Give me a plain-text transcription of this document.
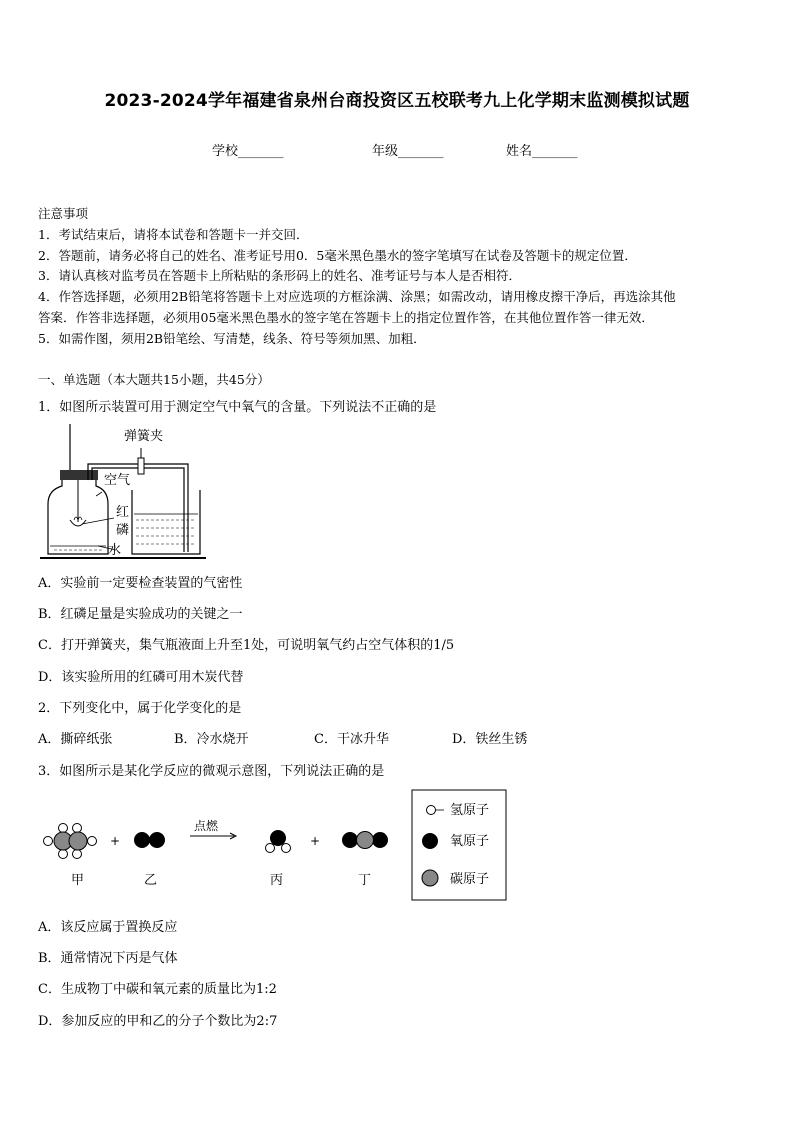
2023-2024学年福建省泉州台商投资区五校联考九上化学期末监测模拟试题
学校_______	年级_______	姓名_______
注意事项
1．考试结束后，请将本试卷和答题卡一并交回．
2．答题前，请务必将自己的姓名、准考证号用0．5毫米黑色墨水的签字笔填写在试卷及答题卡的规定位置．
3．请认真核对监考员在答题卡上所粘贴的条形码上的姓名、准考证号与本人是否相符．
4．作答选择题，必须用2B铅笔将答题卡上对应选项的方框涂满、涂黑；如需改动，请用橡皮擦干净后，再选涂其他
答案．作答非选择题，必须用05毫米黑色墨水的签字笔在答题卡上的指定位置作答，在其他位置作答一律无效．
5．如需作图，须用2B铅笔绘、写清楚，线条、符号等须加黑、加粗．
一、单选题（本大题共15小题，共45分）
1．如图所示装置可用于测定空气中氧气的含量。下列说法不正确的是
弹簧夹
空气
红
磷
水
A．实验前一定要检查装置的气密性
B．红磷足量是实验成功的关键之一
C．打开弹簧夹，集气瓶液面上升至1处，可说明氧气约占空气体积的1/5
D．该实验所用的红磷可用木炭代替
2．下列变化中，属于化学变化的是
A．撕碎纸张	B．冷水烧开	C．干冰升华	D．铁丝生锈
3．如图所示是某化学反应的微观示意图，下列说法正确的是
+
点燃
+
甲	乙	丙	丁
氢原子
氧原子
碳原子
A．该反应属于置换反应
B．通常情况下丙是气体
C．生成物丁中碳和氧元素的质量比为1:2
D．参加反应的甲和乙的分子个数比为2:7
